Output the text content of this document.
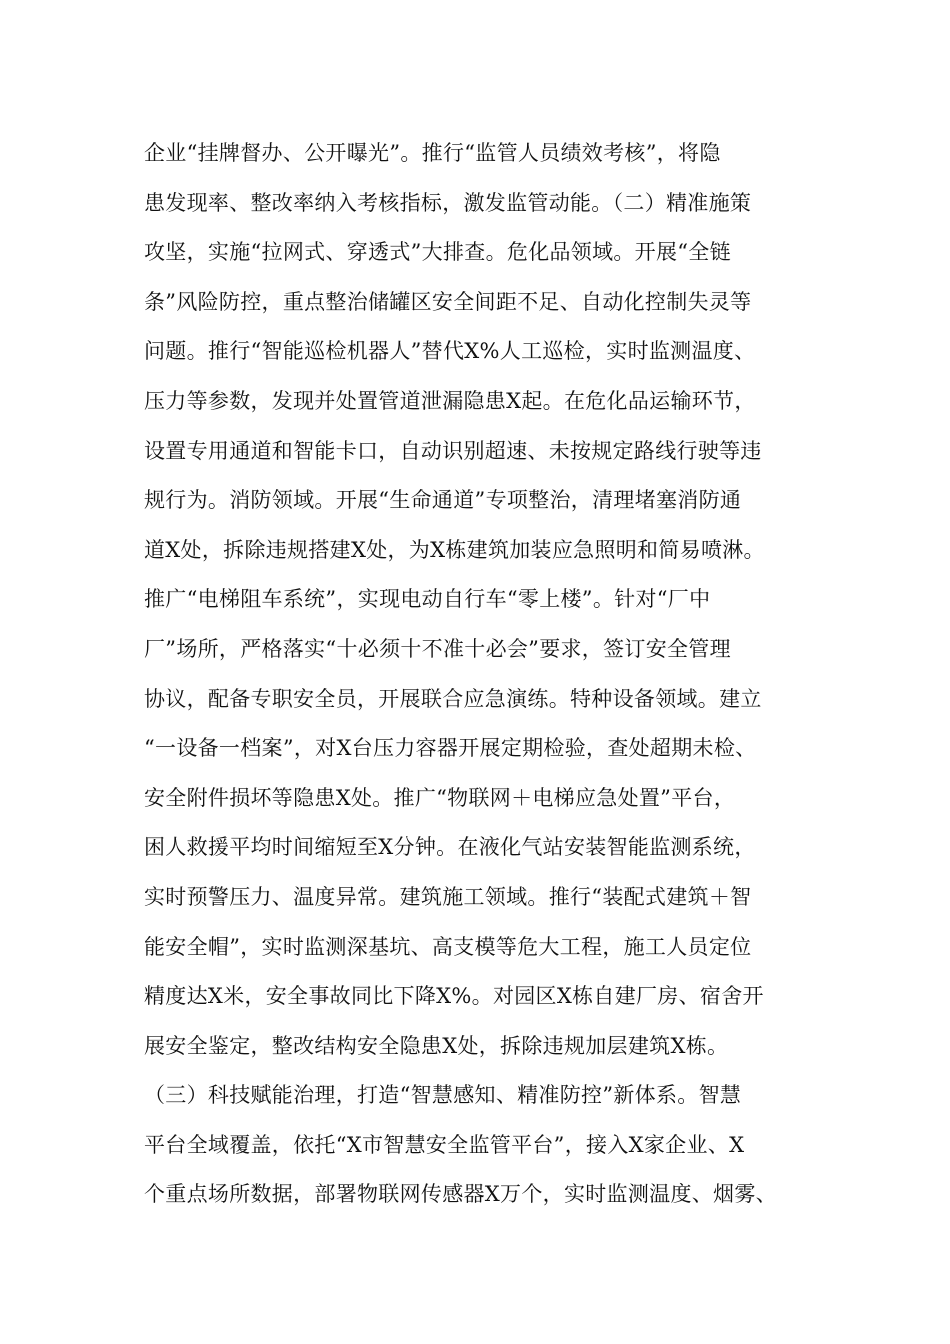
企业“挂牌督办、公开曝光”。推行“监管人员绩效考核”，将隐
患发现率、整改率纳入考核指标，激发监管动能。（二）精准施策
攻坚，实施“拉网式、穿透式”大排查。危化品领域。开展“全链
条”风险防控，重点整治储罐区安全间距不足、自动化控制失灵等
问题。推行“智能巡检机器人”替代X%人工巡检，实时监测温度、
压力等参数，发现并处置管道泄漏隐患X起。在危化品运输环节，
设置专用通道和智能卡口，自动识别超速、未按规定路线行驶等违
规行为。消防领域。开展“生命通道”专项整治，清理堵塞消防通
道X处，拆除违规搭建X处，为X栋建筑加装应急照明和简易喷淋。
推广“电梯阻车系统”，实现电动自行车“零上楼”。针对“厂中
厂”场所，严格落实“十必须十不准十必会”要求，签订安全管理
协议，配备专职安全员，开展联合应急演练。特种设备领域。建立
“一设备一档案”，对X台压力容器开展定期检验，查处超期未检、
安全附件损坏等隐患X处。推广“物联网＋电梯应急处置”平台，
困人救援平均时间缩短至X分钟。在液化气站安装智能监测系统，
实时预警压力、温度异常。建筑施工领域。推行“装配式建筑＋智
能安全帽”，实时监测深基坑、高支模等危大工程，施工人员定位
精度达X米，安全事故同比下降X%。对园区X栋自建厂房、宿舍开
展安全鉴定，整改结构安全隐患X处，拆除违规加层建筑X栋。
（三）科技赋能治理，打造“智慧感知、精准防控”新体系。智慧
平台全域覆盖，依托“X市智慧安全监管平台”，接入X家企业、X
个重点场所数据，部署物联网传感器X万个，实时监测温度、烟雾、
